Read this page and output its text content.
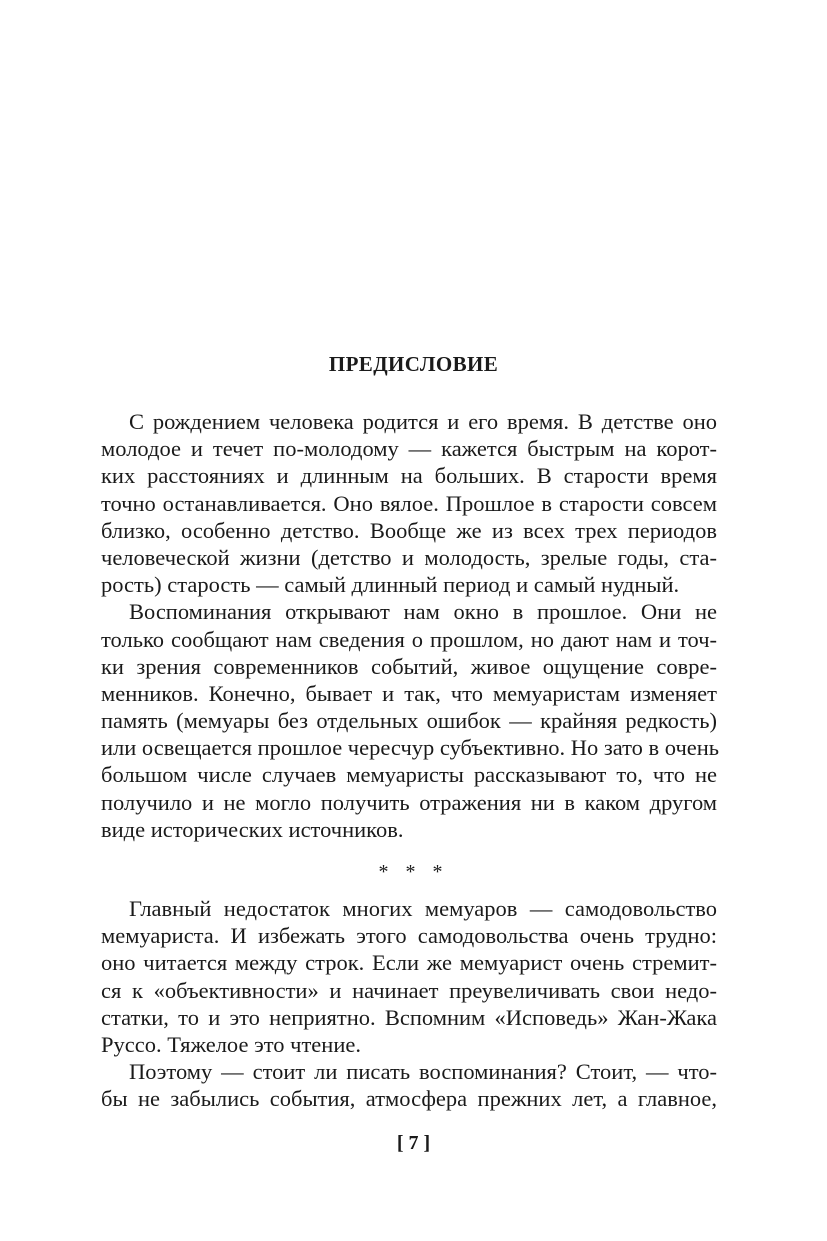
ПРЕДИСЛОВИЕ
С рождением человека родится и его время. В детстве оно
молодое и течет по-молодому — кажется быстрым на корот-
ких расстояниях и длинным на больших. В старости время
точно останавливается. Оно вялое. Прошлое в старости совсем
близко, особенно детство. Вообще же из всех трех периодов
человеческой жизни (детство и молодость, зрелые годы, ста-
рость) старость — самый длинный период и самый нудный.
Воспоминания открывают нам окно в прошлое. Они не
только сообщают нам сведения о прошлом, но дают нам и точ-
ки зрения современников событий, живое ощущение совре-
менников. Конечно, бывает и так, что мемуаристам изменяет
память (мемуары без отдельных ошибок — крайняя редкость)
или освещается прошлое чересчур субъективно. Но зато в очень
большом числе случаев мемуаристы рассказывают то, что не
получило и не могло получить отражения ни в каком другом
виде исторических источников.
* * *
Главный недостаток многих мемуаров — самодовольство
мемуариста. И избежать этого самодовольства очень трудно:
оно читается между строк. Если же мемуарист очень стремит-
ся к «объективности» и начинает преувеличивать свои недо-
статки, то и это неприятно. Вспомним «Исповедь» Жан-Жака
Руссо. Тяжелое это чтение.
Поэтому — стоит ли писать воспоминания? Стоит, — что-
бы не забылись события, атмосфера прежних лет, а главное,
[ 7 ]
